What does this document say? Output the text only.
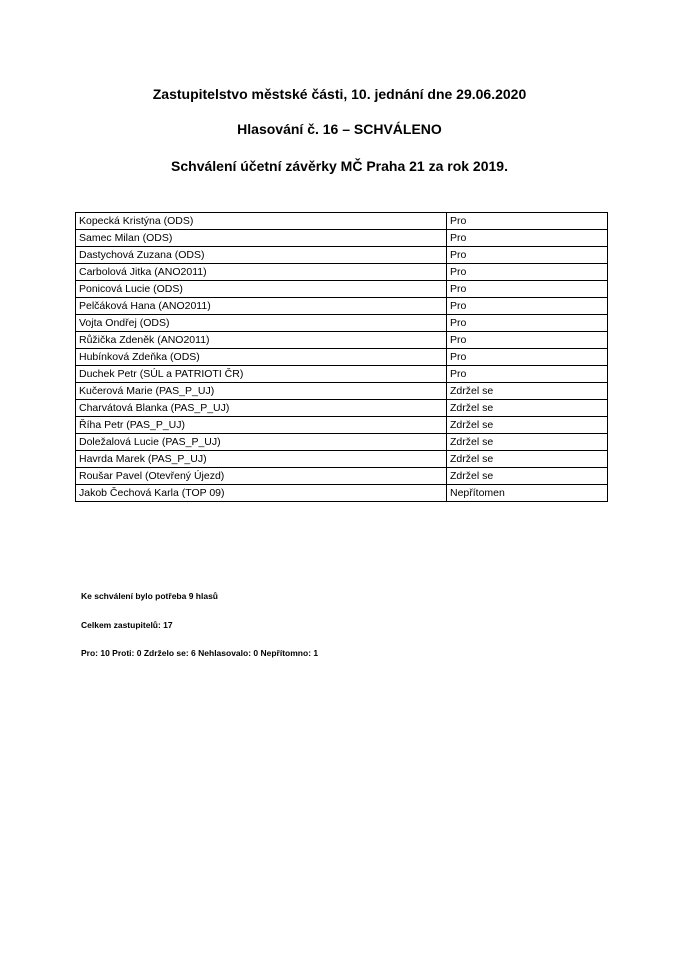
Zastupitelstvo městské části, 10. jednání dne 29.06.2020

Hlasování č. 16 – SCHVÁLENO

Schválení účetní závěrky MČ Praha 21 za rok 2019.

Kopecká Kristýna (ODS)	Pro
Samec Milan (ODS)	Pro
Dastychová Zuzana (ODS)	Pro
Carbolová Jitka (ANO2011)	Pro
Ponicová Lucie (ODS)	Pro
Pelčáková Hana (ANO2011)	Pro
Vojta Ondřej (ODS)	Pro
Růžička Zdeněk (ANO2011)	Pro
Hubínková Zdeňka (ODS)	Pro
Duchek Petr (SÚL a PATRIOTI ČR)	Pro
Kučerová Marie (PAS_P_UJ)	Zdržel se
Charvátová Blanka (PAS_P_UJ)	Zdržel se
Říha Petr (PAS_P_UJ)	Zdržel se
Doležalová Lucie (PAS_P_UJ)	Zdržel se
Havrda Marek (PAS_P_UJ)	Zdržel se
Roušar Pavel (Otevřený Újezd)	Zdržel se
Jakob Čechová Karla (TOP 09)	Nepřítomen

Ke schválení bylo potřeba 9 hlasů

Celkem zastupitelů: 17

Pro: 10 Proti: 0 Zdrželo se: 6 Nehlasovalo: 0 Nepřítomno: 1
